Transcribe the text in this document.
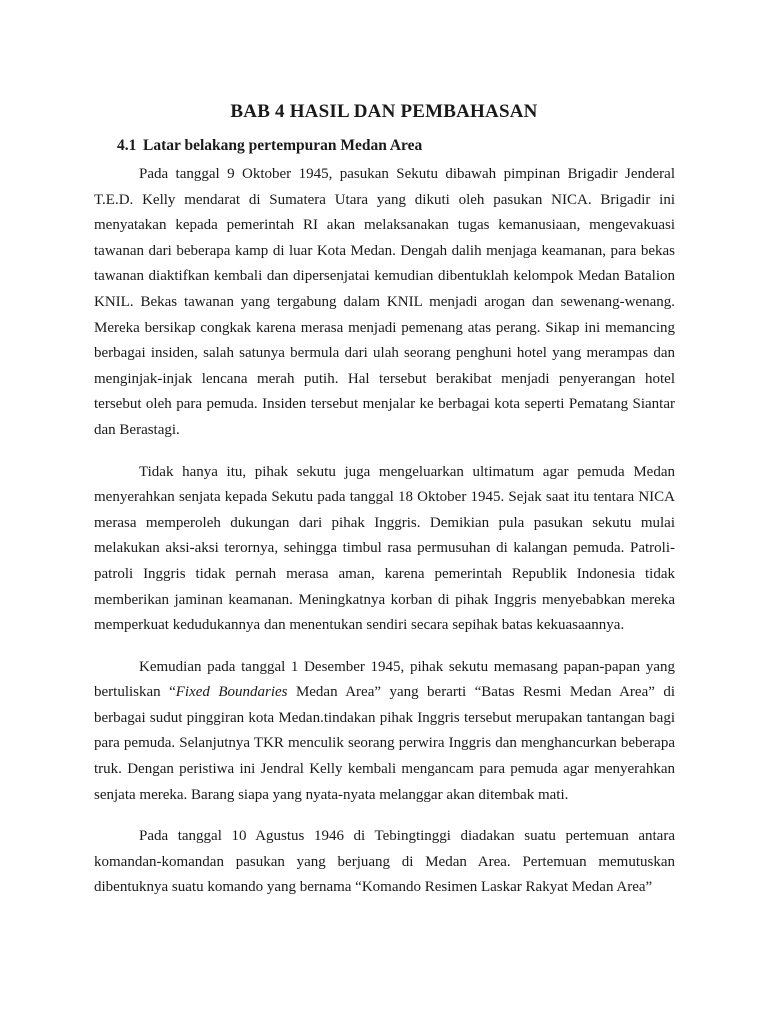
BAB 4 HASIL DAN PEMBAHASAN
4.1 Latar belakang pertempuran Medan Area

Pada tanggal 9 Oktober 1945, pasukan Sekutu dibawah pimpinan Brigadir Jenderal T.E.D. Kelly mendarat di Sumatera Utara yang dikuti oleh pasukan NICA. Brigadir ini menyatakan kepada pemerintah RI akan melaksanakan tugas kemanusiaan, mengevakuasi tawanan dari beberapa kamp di luar Kota Medan. Dengah dalih menjaga keamanan, para bekas tawanan diaktifkan kembali dan dipersenjatai kemudian dibentuklah kelompok Medan Batalion KNIL. Bekas tawanan yang tergabung dalam KNIL menjadi arogan dan sewenang-wenang. Mereka bersikap congkak karena merasa menjadi pemenang atas perang. Sikap ini memancing berbagai insiden, salah satunya bermula dari ulah seorang penghuni hotel yang merampas dan menginjak-injak lencana merah putih. Hal tersebut berakibat menjadi penyerangan hotel tersebut oleh para pemuda. Insiden tersebut menjalar ke berbagai kota seperti Pematang Siantar dan Berastagi.

Tidak hanya itu, pihak sekutu juga mengeluarkan ultimatum agar pemuda Medan menyerahkan senjata kepada Sekutu pada tanggal 18 Oktober 1945. Sejak saat itu tentara NICA merasa memperoleh dukungan dari pihak Inggris. Demikian pula pasukan sekutu mulai melakukan aksi-aksi terornya, sehingga timbul rasa permusuhan di kalangan pemuda. Patroli-patroli Inggris tidak pernah merasa aman, karena pemerintah Republik Indonesia tidak memberikan jaminan keamanan. Meningkatnya korban di pihak Inggris menyebabkan mereka memperkuat kedudukannya dan menentukan sendiri secara sepihak batas kekuasaannya.

Kemudian pada tanggal 1 Desember 1945, pihak sekutu memasang papan-papan yang bertuliskan “Fixed Boundaries Medan Area” yang berarti “Batas Resmi Medan Area” di berbagai sudut pinggiran kota Medan.tindakan pihak Inggris tersebut merupakan tantangan bagi para pemuda. Selanjutnya TKR menculik seorang perwira Inggris dan menghancurkan beberapa truk. Dengan peristiwa ini Jendral Kelly kembali mengancam para pemuda agar menyerahkan senjata mereka. Barang siapa yang nyata-nyata melanggar akan ditembak mati.

Pada tanggal 10 Agustus 1946 di Tebingtinggi diadakan suatu pertemuan antara komandan-komandan pasukan yang berjuang di Medan Area. Pertemuan memutuskan dibentuknya suatu komando yang bernama “Komando Resimen Laskar Rakyat Medan Area”
